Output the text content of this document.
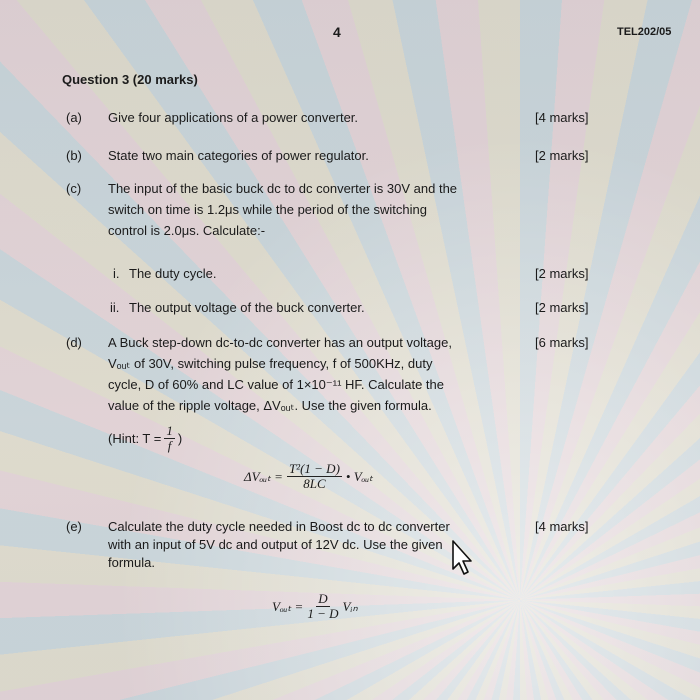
4	TEL202/05
Question 3 (20 marks)
(a) Give four applications of a power converter.	[4 marks]
(b) State two main categories of power regulator.	[2 marks]
(c) The input of the basic buck dc to dc converter is 30V and the
switch on time is 1.2μs while the period of the switching
control is 2.0μs. Calculate:-
i. The duty cycle.	[2 marks]
ii. The output voltage of the buck converter.	[2 marks]
(d) A Buck step-down dc-to-dc converter has an output voltage,	[6 marks]
Vₒᵤₜ of 30V, switching pulse frequency, f of 500KHz, duty
cycle, D of 60% and LC value of 1×10⁻¹¹ HF. Calculate the
value of the ripple voltage, ΔVₒᵤₜ. Use the given formula.
(Hint: $T = \frac{1}{f}$ )
ΔVₒᵤₜ = $\frac{\text{T²(1 − D)}}{8LC}$ • Vₒᵤₜ
(e) Calculate the duty cycle needed in Boost dc to dc converter	[4 marks]
with an input of 5V dc and output of 12V dc. Use the given
formula.
Vₒᵤₜ = $\frac{D}{1 - D}$ Vᵢₙ
